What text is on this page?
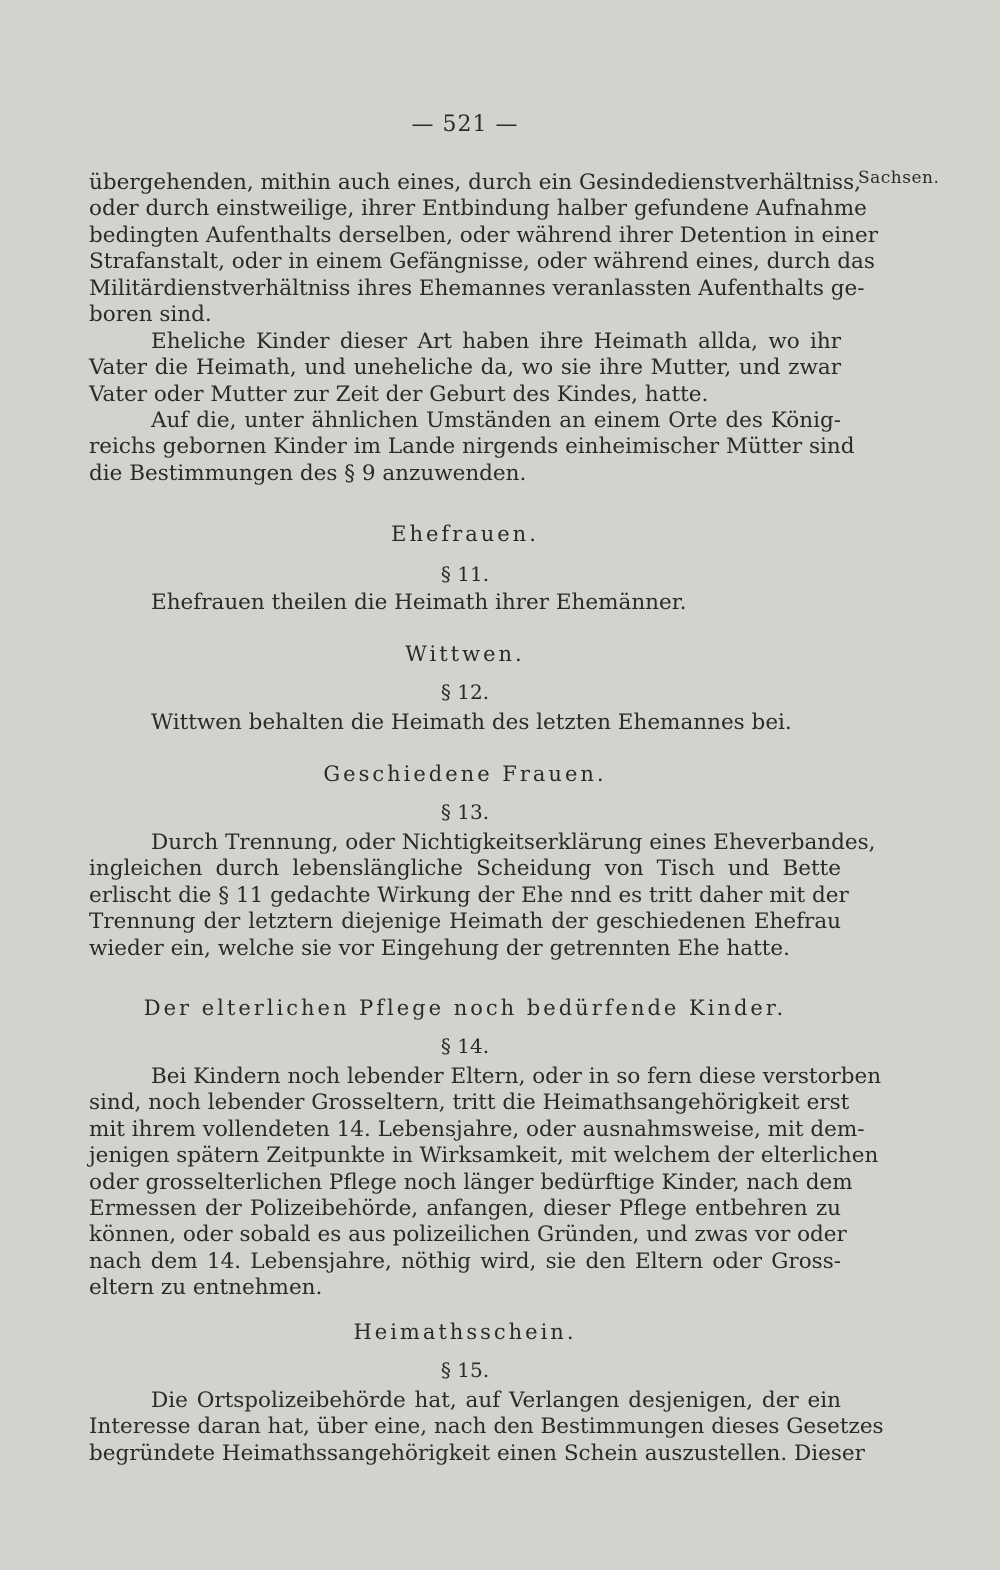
— 521 —
Sachsen.
übergehenden, mithin auch eines, durch ein Gesindedienstverhältniss,
oder durch einstweilige, ihrer Entbindung halber gefundene Aufnahme
bedingten Aufenthalts derselben, oder während ihrer Detention in einer
Strafanstalt, oder in einem Gefängnisse, oder während eines, durch das
Militärdienstverhältniss ihres Ehemannes veranlassten Aufenthalts ge-
boren sind.
Eheliche Kinder dieser Art haben ihre Heimath allda, wo ihr
Vater die Heimath, und uneheliche da, wo sie ihre Mutter, und zwar
Vater oder Mutter zur Zeit der Geburt des Kindes, hatte.
Auf die, unter ähnlichen Umständen an einem Orte des König-
reichs gebornen Kinder im Lande nirgends einheimischer Mütter sind
die Bestimmungen des § 9 anzuwenden.
Ehefrauen.
§ 11.
Ehefrauen theilen die Heimath ihrer Ehemänner.
Wittwen.
§ 12.
Wittwen behalten die Heimath des letzten Ehemannes bei.
Geschiedene Frauen.
§ 13.
Durch Trennung, oder Nichtigkeitserklärung eines Eheverbandes,
ingleichen durch lebenslängliche Scheidung von Tisch und Bette
erlischt die § 11 gedachte Wirkung der Ehe nnd es tritt daher mit der
Trennung der letztern diejenige Heimath der geschiedenen Ehefrau
wieder ein, welche sie vor Eingehung der getrennten Ehe hatte.
Der elterlichen Pflege noch bedürfende Kinder.
§ 14.
Bei Kindern noch lebender Eltern, oder in so fern diese verstorben
sind, noch lebender Grosseltern, tritt die Heimathsangehörigkeit erst
mit ihrem vollendeten 14. Lebensjahre, oder ausnahmsweise, mit dem-
jenigen spätern Zeitpunkte in Wirksamkeit, mit welchem der elterlichen
oder grosselterlichen Pflege noch länger bedürftige Kinder, nach dem
Ermessen der Polizeibehörde, anfangen, dieser Pflege entbehren zu
können, oder sobald es aus polizeilichen Gründen, und zwas vor oder
nach dem 14. Lebensjahre, nöthig wird, sie den Eltern oder Gross-
eltern zu entnehmen.
Heimathsschein.
§ 15.
Die Ortspolizeibehörde hat, auf Verlangen desjenigen, der ein
Interesse daran hat, über eine, nach den Bestimmungen dieses Gesetzes
begründete Heimathssangehörigkeit einen Schein auszustellen. Dieser
